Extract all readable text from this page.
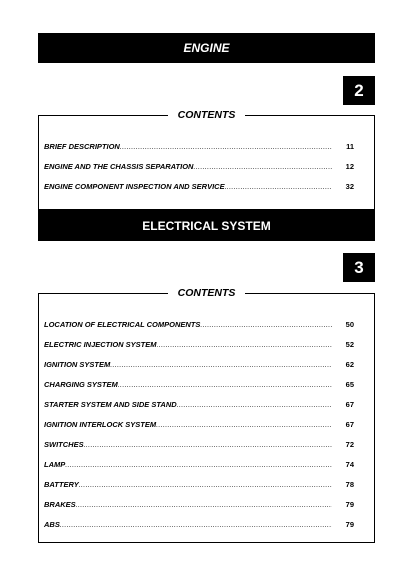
ENGINE
2
CONTENTS
BRIEF DESCRIPTION .....	11
ENGINE AND THE CHASSIS SEPARATION .....	12
ENGINE COMPONENT INSPECTION AND SERVICE .....	32
ELECTRICAL SYSTEM
3
CONTENTS
LOCATION OF ELECTRICAL COMPONENTS .....	50
ELECTRIC INJECTION SYSTEM .....	52
IGNITION SYSTEM .....	62
CHARGING SYSTEM .....	65
STARTER SYSTEM AND SIDE STAND .....	67
IGNITION INTERLOCK SYSTEM .....	67
SWITCHES .....	72
LAMP .....	74
BATTERY .....	78
BRAKES .....	79
ABS .....	79
